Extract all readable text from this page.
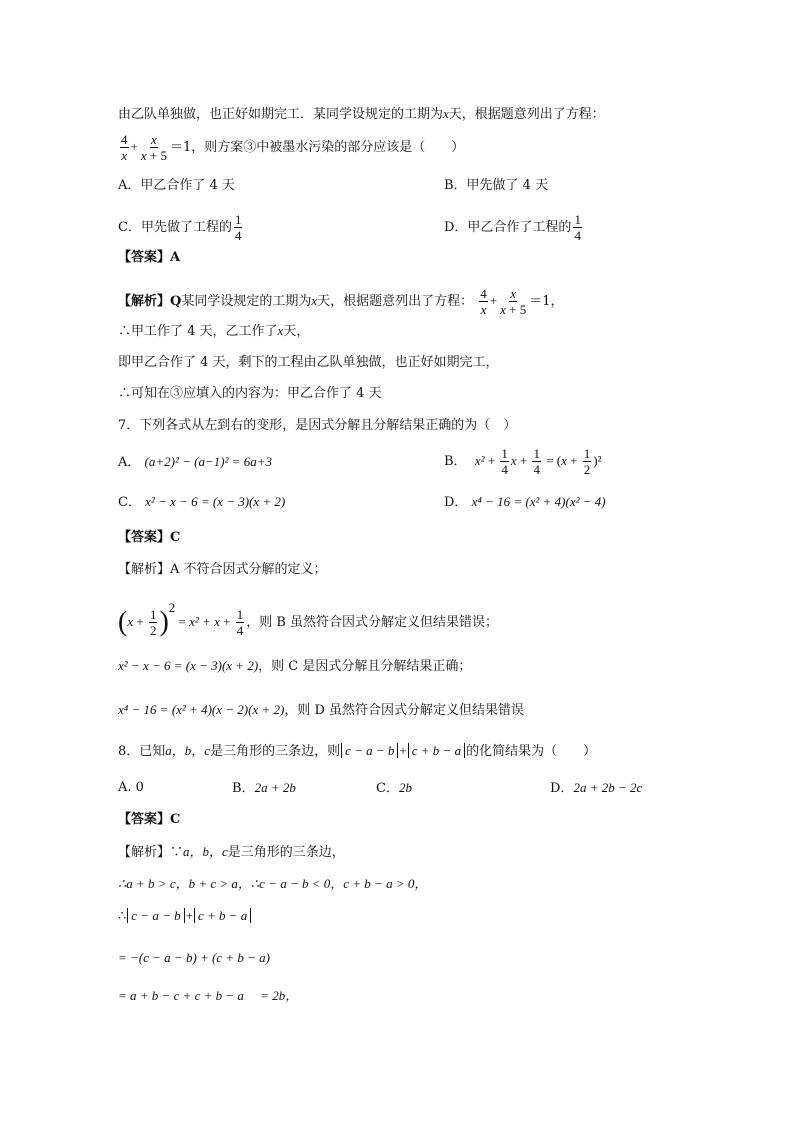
由乙队单独做，也正好如期完工．某同学设规定的工期为x天，根据题意列出了方程：
$\frac{4}{x} + \frac{x}{x + 5} =1$，则方案③中被墨水污染的部分应该是（　　）
A．甲乙合作了 4 天	B．甲先做了 4 天
C．甲先做了工程的 $\frac{1}{4}$	D．甲乙合作了工程的 $\frac{1}{4}$
【答案】A
【解析】Q某同学设规定的工期为x天，根据题意列出了方程： $\frac{4}{x} + \frac{x}{x + 5} =1$，
∴甲工作了 4 天，乙工作了x天，
即甲乙合作了 4 天，剩下的工程由乙队单独做，也正好如期完工，
∴可知在③应填入的内容为：甲乙合作了 4 天
7．下列各式从左到右的变形，是因式分解且分解结果正确的为（　）
A． (a+2)² − (a−1)² = 6a+3	B． $x^2 + \frac{1}{4}$ $x + \frac{1}{4} = (x + \frac{1}{2} )^2$
C． x² − x − 6 = (x − 3)(x + 2)	D． x⁴ − 16 = (x² + 4)(x² − 4)
【答案】C
【解析】A 不符合因式分解的定义；
$(x + \frac{1}{2} )2 = x^2 + x + \frac{1}{4}$ ，则 B 虽然符合因式分解定义但结果错误；
x² − x − 6 = (x − 3)(x + 2)，则 C 是因式分解且分解结果正确；
x⁴ − 16 = (x² + 4)(x − 2)(x + 2)，则 D 虽然符合因式分解定义但结果错误
8．已知a，b，c是三角形的三条边，则 c − a − b + c + b − a 的化简结果为（　　）
A. 0	B．2a + 2b	C．2b	D．2a + 2b − 2c
【答案】C
【解析】∵a，b，c是三角形的三条边，
∴a + b > c，b + c > a，∴c − a − b < 0，c + b − a > 0，
∴ c − a − b + c + b − a
= −(c − a − b) + (c + b − a)
= a + b − c + c + b − a　 = 2b，
